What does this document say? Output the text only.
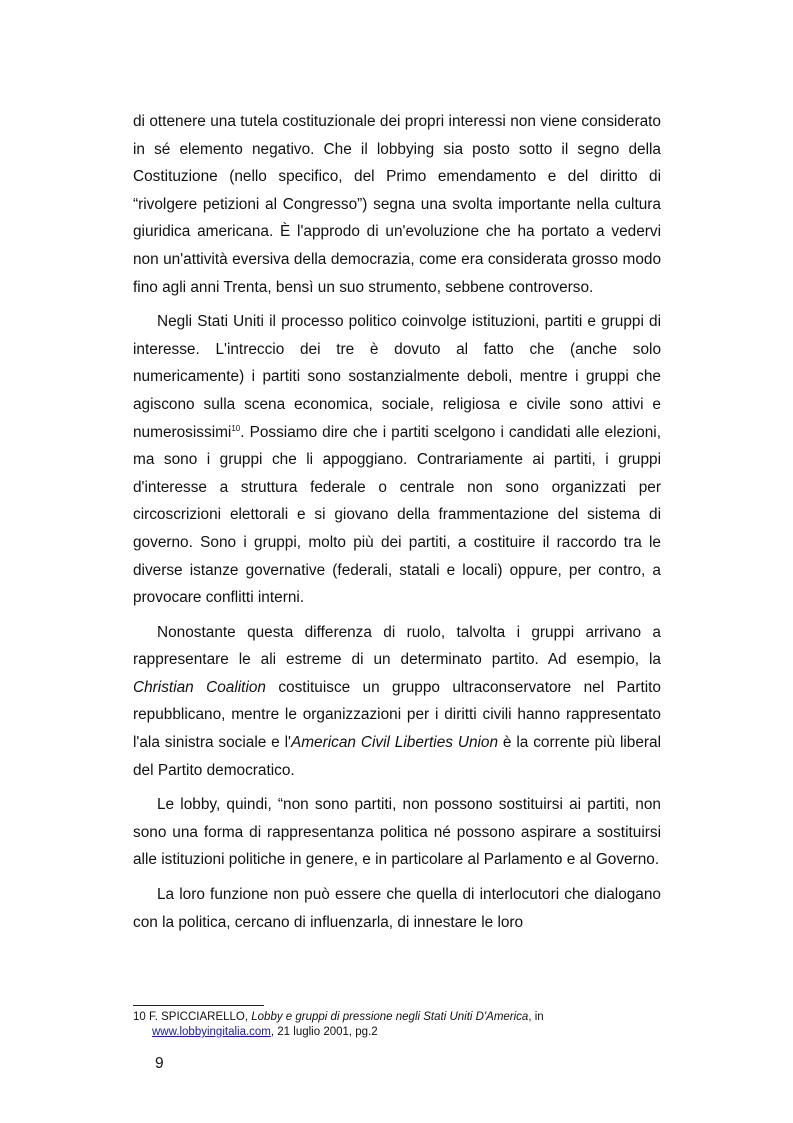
di ottenere una tutela costituzionale dei propri interessi non viene considerato in sé elemento negativo. Che il lobbying sia posto sotto il segno della Costituzione (nello specifico, del Primo emendamento e del diritto di “rivolgere petizioni al Congresso”) segna una svolta importante nella cultura giuridica americana. È l'approdo di un'evoluzione che ha portato a vedervi non un'attività eversiva della democrazia, come era considerata grosso modo fino agli anni Trenta, bensì un suo strumento, sebbene controverso.

Negli Stati Uniti il processo politico coinvolge istituzioni, partiti e gruppi di interesse. L'intreccio dei tre è dovuto al fatto che (anche solo numericamente) i partiti sono sostanzialmente deboli, mentre i gruppi che agiscono sulla scena economica, sociale, religiosa e civile sono attivi e numerosissimi$^{10}$. Possiamo dire che i partiti scelgono i candidati alle elezioni, ma sono i gruppi che li appoggiano. Contrariamente ai partiti, i gruppi d'interesse a struttura federale o centrale non sono organizzati per circoscrizioni elettorali e si giovano della frammentazione del sistema di governo. Sono i gruppi, molto più dei partiti, a costituire il raccordo tra le diverse istanze governative (federali, statali e locali) oppure, per contro, a provocare conflitti interni.

Nonostante questa differenza di ruolo, talvolta i gruppi arrivano a rappresentare le ali estreme di un determinato partito. Ad esempio, la Christian Coalition costituisce un gruppo ultraconservatore nel Partito repubblicano, mentre le organizzazioni per i diritti civili hanno rappresentato l'ala sinistra sociale e l'American Civil Liberties Union è la corrente più liberal del Partito democratico.

Le lobby, quindi, “non sono partiti, non possono sostituirsi ai partiti, non sono una forma di rappresentanza politica né possono aspirare a sostituirsi alle istituzioni politiche in genere, e in particolare al Parlamento e al Governo.

La loro funzione non può essere che quella di interlocutori che dialogano con la politica, cercano di influenzarla, di innestare le loro

10 F. SPICCIARELLO, Lobby e gruppi di pressione negli Stati Uniti D'America, in
www.lobbyingitalia.com, 21 luglio 2001, pg.2
9
